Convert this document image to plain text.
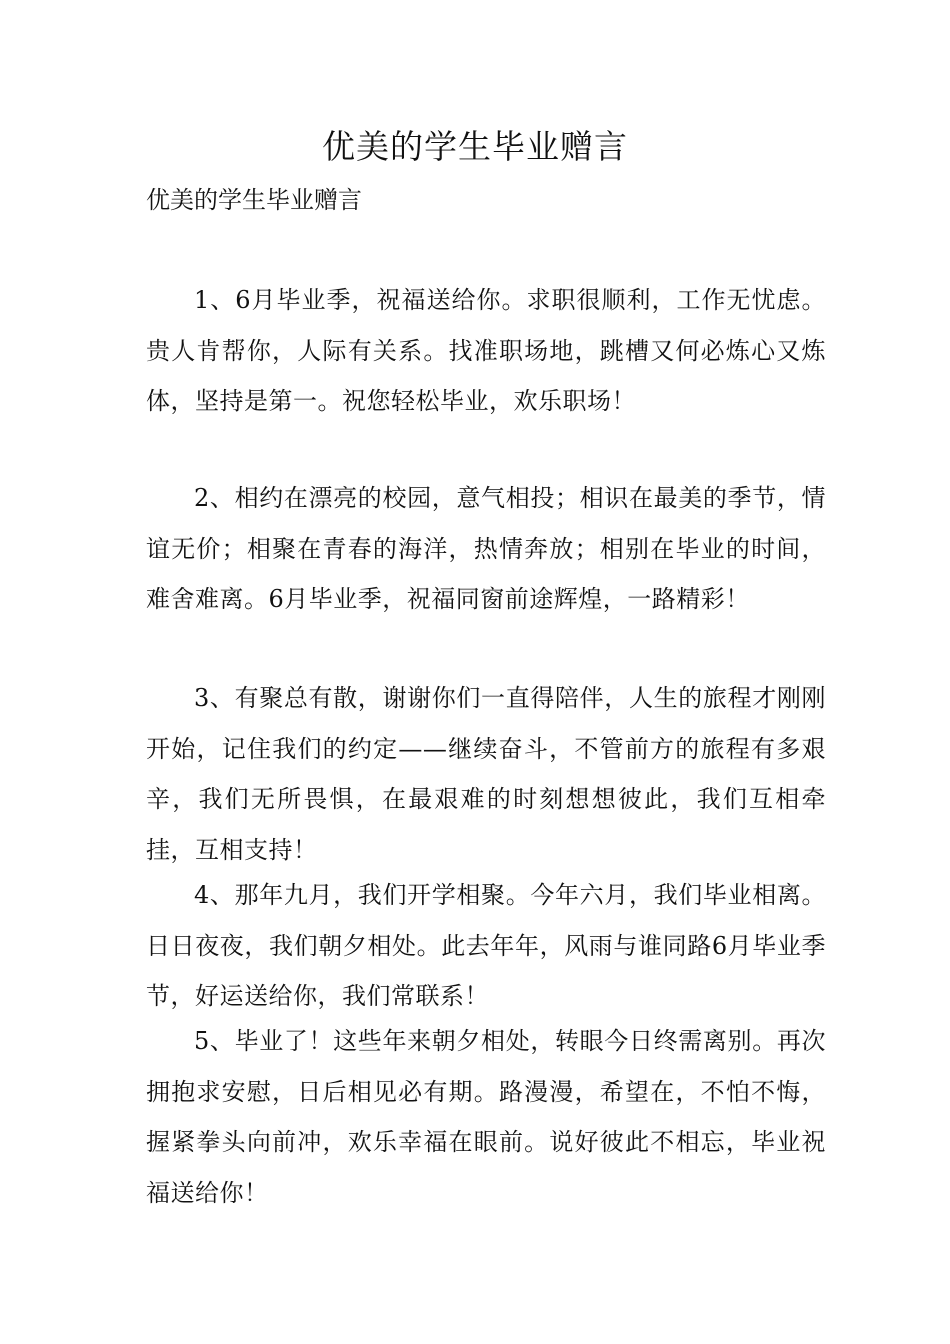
优美的学生毕业赠言
优美的学生毕业赠言

1、6月毕业季，祝福送给你。求职很顺利，工作无忧虑。贵人肯帮你，人际有关系。找准职场地，跳槽又何必炼心又炼体，坚持是第一。祝您轻松毕业，欢乐职场！

2、相约在漂亮的校园，意气相投；相识在最美的季节，情谊无价；相聚在青春的海洋，热情奔放；相别在毕业的时间，难舍难离。6月毕业季，祝福同窗前途辉煌，一路精彩！

3、有聚总有散，谢谢你们一直得陪伴，人生的旅程才刚刚开始，记住我们的约定——继续奋斗，不管前方的旅程有多艰辛，我们无所畏惧，在最艰难的时刻想想彼此，我们互相牵挂，互相支持！

4、那年九月，我们开学相聚。今年六月，我们毕业相离。日日夜夜，我们朝夕相处。此去年年，风雨与谁同路6月毕业季节，好运送给你，我们常联系！

5、毕业了！这些年来朝夕相处，转眼今日终需离别。再次拥抱求安慰，日后相见必有期。路漫漫，希望在，不怕不悔，握紧拳头向前冲，欢乐幸福在眼前。说好彼此不相忘，毕业祝福送给你！
